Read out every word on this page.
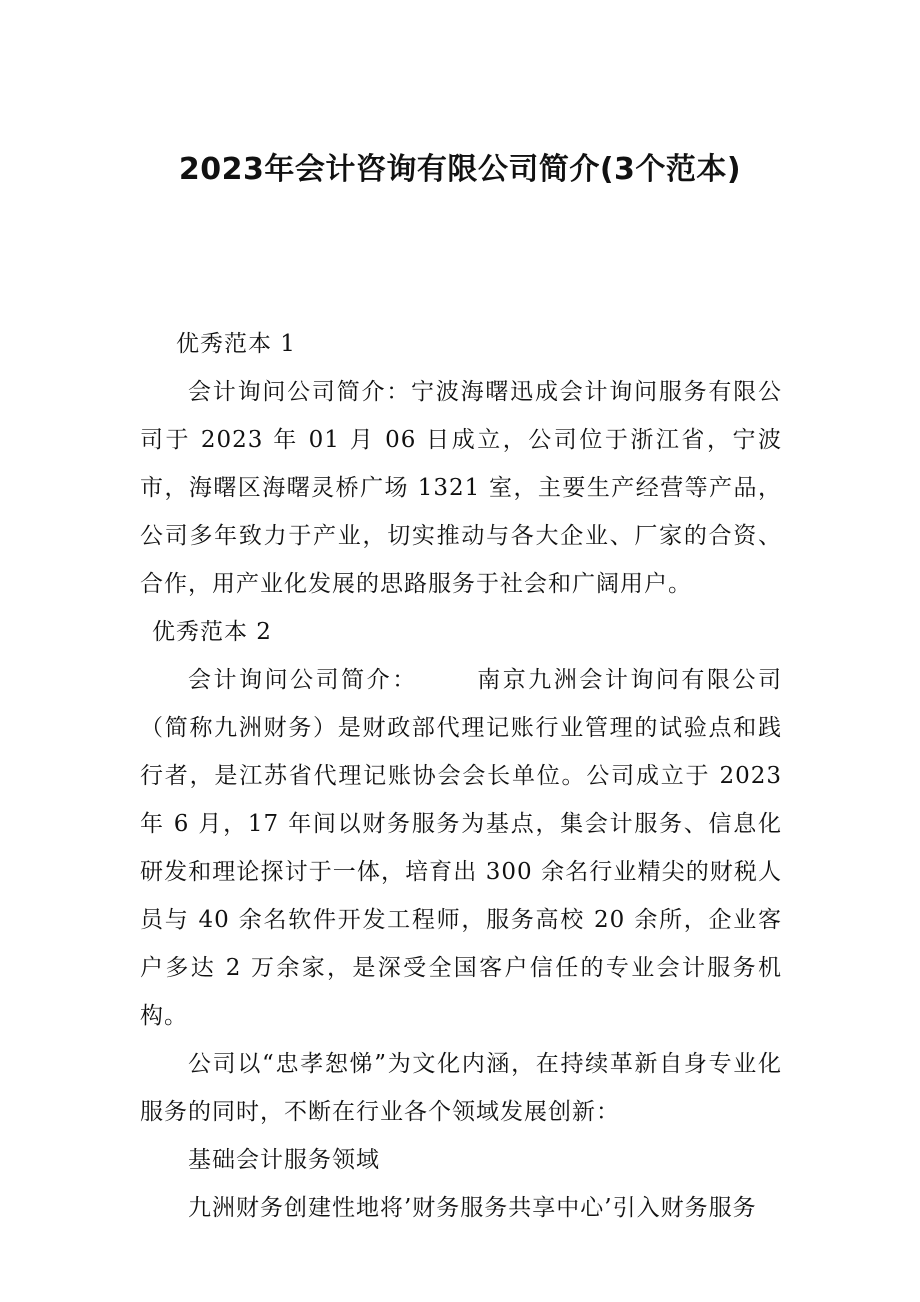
2023年会计咨询有限公司简介(3个范本)

优秀范本 1

会计询问公司简介：宁波海曙迅成会计询问服务有限公司于 2023 年 01 月 06 日成立，公司位于浙江省，宁波市，海曙区海曙灵桥广场 1321 室，主要生产经营等产品，公司多年致力于产业，切实推动与各大企业、厂家的合资、合作，用产业化发展的思路服务于社会和广阔用户。

优秀范本 2

会计询问公司简介：	南京九洲会计询问有限公司（简称九洲财务）是财政部代理记账行业管理的试验点和践行者，是江苏省代理记账协会会长单位。公司成立于 2023 年 6 月，17 年间以财务服务为基点，集会计服务、信息化研发和理论探讨于一体，培育出 300 余名行业精尖的财税人员与 40 余名软件开发工程师，服务高校 20 余所，企业客户多达 2 万余家，是深受全国客户信任的专业会计服务机构。

公司以“忠孝恕悌”为文化内涵，在持续革新自身专业化服务的同时，不断在行业各个领域发展创新：

基础会计服务领域

九洲财务创建性地将’财务服务共享中心’引入财务服务
